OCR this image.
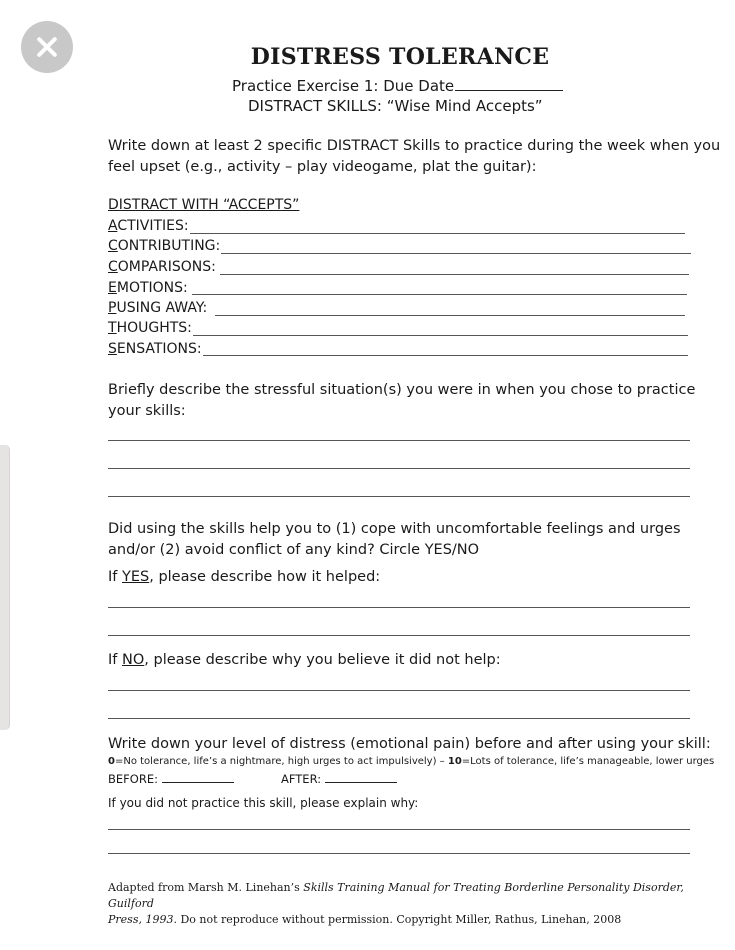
DISTRESS TOLERANCE
Practice Exercise 1: Due Date
DISTRACT SKILLS: “Wise Mind Accepts”
Write down at least 2 specific DISTRACT Skills to practice during the week when you
feel upset (e.g., activity – play videogame, plat the guitar):
DISTRACT WITH “ACCEPTS”
ACTIVITIES:
CONTRIBUTING:
COMPARISONS:
EMOTIONS:
PUSING AWAY:
THOUGHTS:
SENSATIONS:
Briefly describe the stressful situation(s) you were in when you chose to practice
your skills:
Did using the skills help you to (1) cope with uncomfortable feelings and urges
and/or (2) avoid conflict of any kind? Circle YES/NO
If YES, please describe how it helped:
If NO, please describe why you believe it did not help:
Write down your level of distress (emotional pain) before and after using your skill:
0=No tolerance, life’s a nightmare, high urges to act impulsively) – 10=Lots of tolerance, life’s manageable, lower urges
BEFORE:	AFTER:
If you did not practice this skill, please explain why:
Adapted from Marsh M. Linehan’s Skills Training Manual for Treating Borderline Personality Disorder, Guilford
Press, 1993. Do not reproduce without permission. Copyright Miller, Rathus, Linehan, 2008
